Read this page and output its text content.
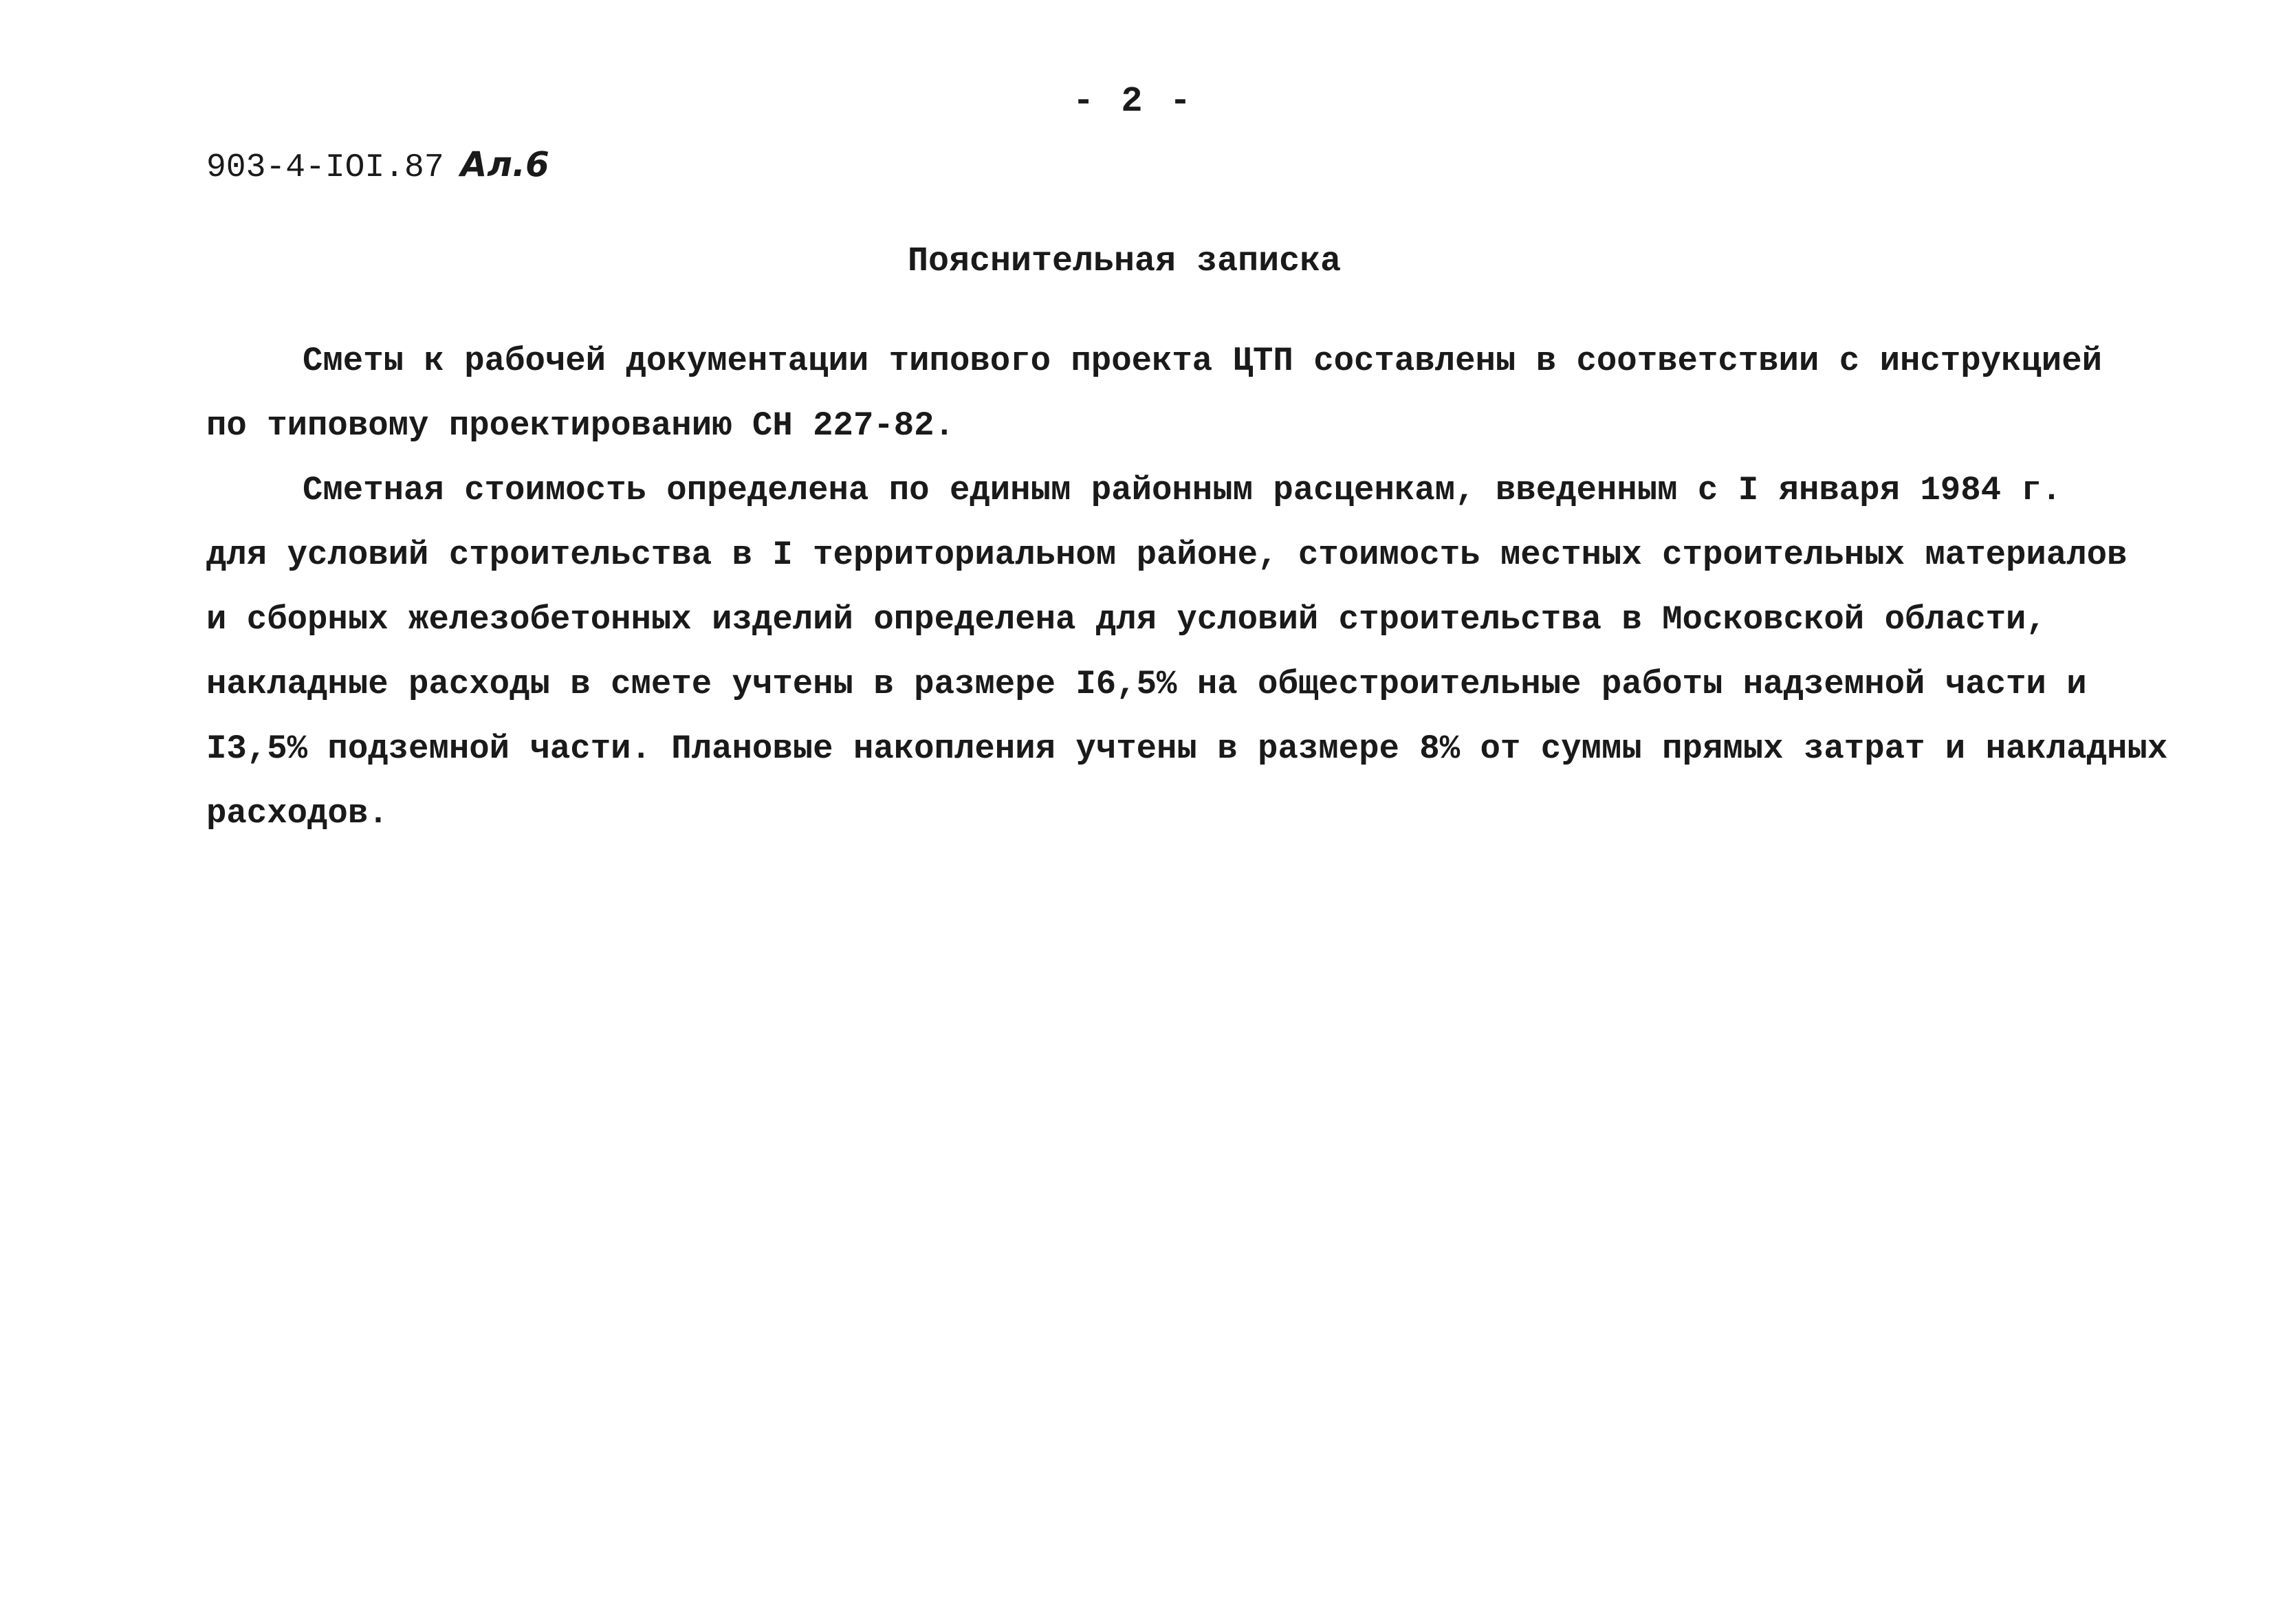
- 2 -
903-4-IOI.87 Ал.6
Пояснительная записка
Сметы к рабочей документации типового проекта ЦТП составлены в соответствии с инструкцией
по типовому проектированию СН 227-82.
Сметная стоимость определена по единым районным расценкам, введенным с I января 1984 г.
для условий строительства в I территориальном районе, стоимость местных строительных материалов
и сборных железобетонных изделий определена для условий строительства в Московской области,
накладные расходы в смете учтены в размере I6,5% на общестроительные работы надземной части и
I3,5% подземной части. Плановые накопления учтены в размере 8% от суммы прямых затрат и накладных
расходов.
